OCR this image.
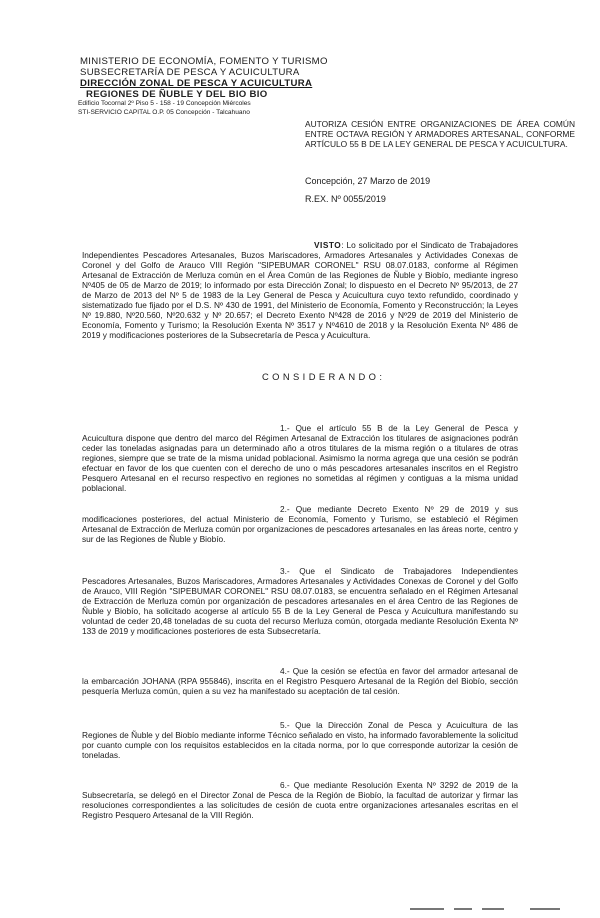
MINISTERIO DE ECONOMÍA, FOMENTO Y TURISMO
SUBSECRETARÍA DE PESCA Y ACUICULTURA
DIRECCIÓN ZONAL DE PESCA Y ACUICULTURA
REGIONES DE ÑUBLE Y DEL BIO BIO
Edificio Tocornal 2º Piso 5 - 158 - 19 Concepción Miércoles
STI-SERVICIO CAPITAL O.P. 05 Concepción - Talcahuano
AUTORIZA CESIÓN ENTRE ORGANIZACIONES DE ÁREA COMÚN ENTRE OCTAVA REGIÓN Y ARMADORES ARTESANAL, CONFORME ARTÍCULO 55 B DE LA LEY GENERAL DE PESCA Y ACUICULTURA.
Concepción, 27 Marzo de 2019
R.EX. Nº 0055/2019
VISTO: Lo solicitado por el Sindicato de Trabajadores Independientes Pescadores Artesanales, Buzos Mariscadores, Armadores Artesanales y Actividades Conexas de Coronel y del Golfo de Arauco VIII Región "SIPEBUMAR CORONEL" RSU 08.07.0183, conforme al Régimen Artesanal de Extracción de Merluza común en el Área Común de las Regiones de Ñuble y Biobío, mediante ingreso Nº405 de 05 de Marzo de 2019; lo informado por esta Dirección Zonal; lo dispuesto en el Decreto Nº 95/2013, de 27 de Marzo de 2013 del Nº 5 de 1983 de la Ley General de Pesca y Acuicultura cuyo texto refundido, coordinado y sistematizado fue fijado por el D.S. Nº 430 de 1991, del Ministerio de Economía, Fomento y Reconstrucción; la Leyes Nº 19.880, Nº20.560, Nº20.632 y Nº 20.657; el Decreto Exento Nº428 de 2016 y Nº29 de 2019 del Ministerio de Economía, Fomento y Turismo; la Resolución Exenta Nº 3517 y Nº4610 de 2018 y la Resolución Exenta Nº 486 de 2019 y modificaciones posteriores de la Subsecretaría de Pesca y Acuicultura.
CONSIDERANDO:
1.- Que el artículo 55 B de la Ley General de Pesca y Acuicultura dispone que dentro del marco del Régimen Artesanal de Extracción los titulares de asignaciones podrán ceder las toneladas asignadas para un determinado año a otros titulares de la misma región o a titulares de otras regiones, siempre que se trate de la misma unidad poblacional. Asimismo la norma agrega que una cesión se podrán efectuar en favor de los que cuenten con el derecho de uno o más pescadores artesanales inscritos en el Registro Pesquero Artesanal en el recurso respectivo en regiones no sometidas al régimen y contiguas a la misma unidad poblacional.
2.- Que mediante Decreto Exento Nº 29 de 2019 y sus modificaciones posteriores, del actual Ministerio de Economía, Fomento y Turismo, se estableció el Régimen Artesanal de Extracción de Merluza común por organizaciones de pescadores artesanales en las áreas norte, centro y sur de las Regiones de Ñuble y Biobío.
3.- Que el Sindicato de Trabajadores Independientes Pescadores Artesanales, Buzos Mariscadores, Armadores Artesanales y Actividades Conexas de Coronel y del Golfo de Arauco, VIII Región "SIPEBUMAR CORONEL" RSU 08.07.0183, se encuentra señalado en el Régimen Artesanal de Extracción de Merluza común por organización de pescadores artesanales en el área Centro de las Regiones de Ñuble y Biobío, ha solicitado acogerse al artículo 55 B de la Ley General de Pesca y Acuicultura manifestando su voluntad de ceder 20,48 toneladas de su cuota del recurso Merluza común, otorgada mediante Resolución Exenta Nº 133 de 2019 y modificaciones posteriores de esta Subsecretaría.
4.- Que la cesión se efectúa en favor del armador artesanal de la embarcación JOHANA (RPA 955846), inscrita en el Registro Pesquero Artesanal de la Región del Biobío, sección pesquería Merluza común, quien a su vez ha manifestado su aceptación de tal cesión.
5.- Que la Dirección Zonal de Pesca y Acuicultura de las Regiones de Ñuble y del Biobío mediante informe Técnico señalado en visto, ha informado favorablemente la solicitud por cuanto cumple con los requisitos establecidos en la citada norma, por lo que corresponde autorizar la cesión de toneladas.
6.- Que mediante Resolución Exenta Nº 3292 de 2019 de la Subsecretaría, se delegó en el Director Zonal de Pesca de la Región de Biobío, la facultad de autorizar y firmar las resoluciones correspondientes a las solicitudes de cesión de cuota entre organizaciones artesanales escritas en el Registro Pesquero Artesanal de la VIII Región.
